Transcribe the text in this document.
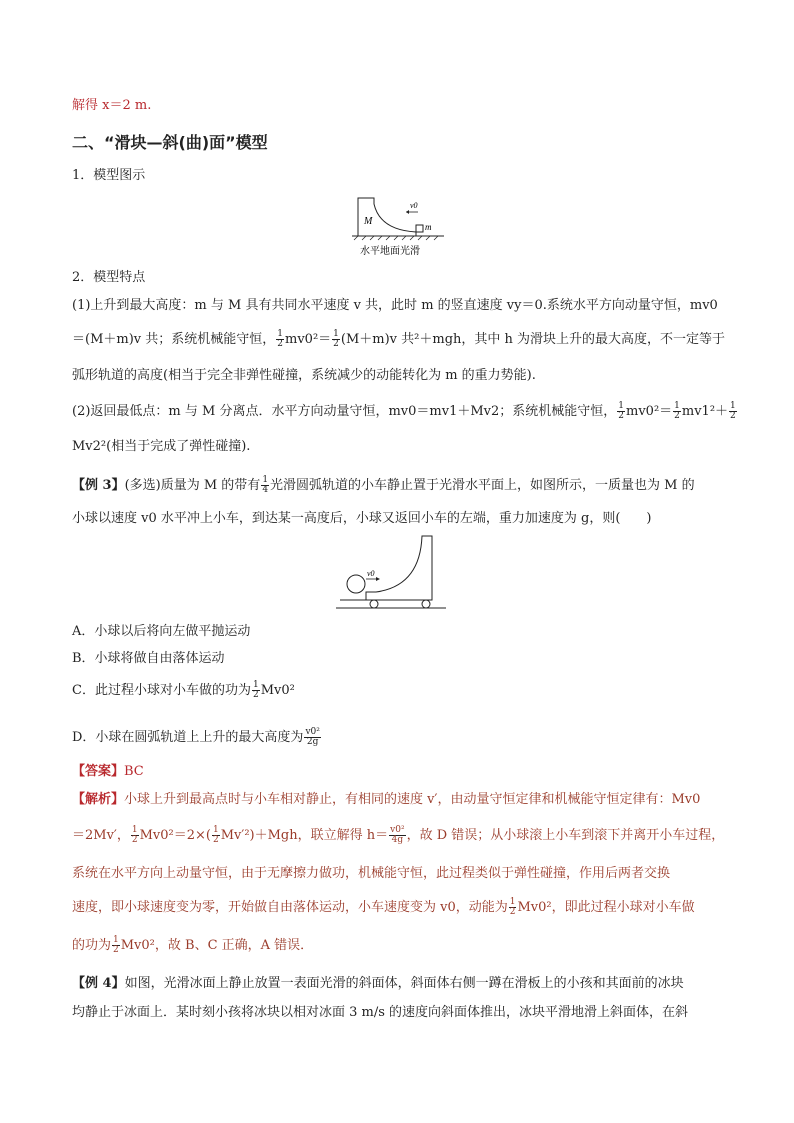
解得 x＝2 m.
二、“滑块—斜(曲)面”模型
1．模型图示
M	m
v0
水平地面光滑
2．模型特点
(1)上升到最大高度：m 与 M 具有共同水平速度 v 共，此时 m 的竖直速度 vy＝0.系统水平方向动量守恒，mv0
＝(M＋m)v 共；系统机械能守恒， $\frac{1}{2} mv0^2= \frac{1}{2} (M+m)v$ 共²＋mgh，其中 h 为滑块上升的最大高度，不一定等于
弧形轨道的高度(相当于完全非弹性碰撞，系统减少的动能转化为 m 的重力势能).
(2)返回最低点：m 与 M 分离点．水平方向动量守恒，mv0＝mv1＋Mv2；系统机械能守恒， $\frac{1}{2} mv0^2= \frac{1}{2} mv1^2+ \frac{1}{2}$
Mv2²(相当于完成了弹性碰撞).
【例 3】(多选)质量为 M 的带有 $\frac{1}{4}$ 光滑圆弧轨道的小车静止置于光滑水平面上，如图所示，一质量也为 M 的
小球以速度 v0 水平冲上小车，到达某一高度后，小球又返回小车的左端，重力加速度为 g，则(　　)
v0
A．小球以后将向左做平抛运动
B．小球将做自由落体运动
C．此过程小球对小车做的功为 $\frac{1}{2} Mv0^2$
D．小球在圆弧轨道上上升的最大高度为 $\frac{\text{v0²}}{2g}$
【答案】BC
【解析】小球上升到最高点时与小车相对静止，有相同的速度 v′，由动量守恒定律和机械能守恒定律有：Mv0
＝2Mv′， $\frac{1}{2} Mv0^2=2\times( \frac{1}{2} Mv'^2)+Mgh$，联立解得 $h= \frac{\text{v0²}}{4g}$ ，故 D 错误；从小球滚上小车到滚下并离开小车过程，
系统在水平方向上动量守恒，由于无摩擦力做功，机械能守恒，此过程类似于弹性碰撞，作用后两者交换
速度，即小球速度变为零，开始做自由落体运动，小车速度变为 v0，动能为 $\frac{1}{2} Mv0^2$，即此过程小球对小车做
的功为 $\frac{1}{2} Mv0^2$，故 B、C 正确，A 错误．
【例 4】如图，光滑冰面上静止放置一表面光滑的斜面体，斜面体右侧一蹲在滑板上的小孩和其面前的冰块
均静止于冰面上．某时刻小孩将冰块以相对冰面 3 m/s 的速度向斜面体推出，冰块平滑地滑上斜面体，在斜
